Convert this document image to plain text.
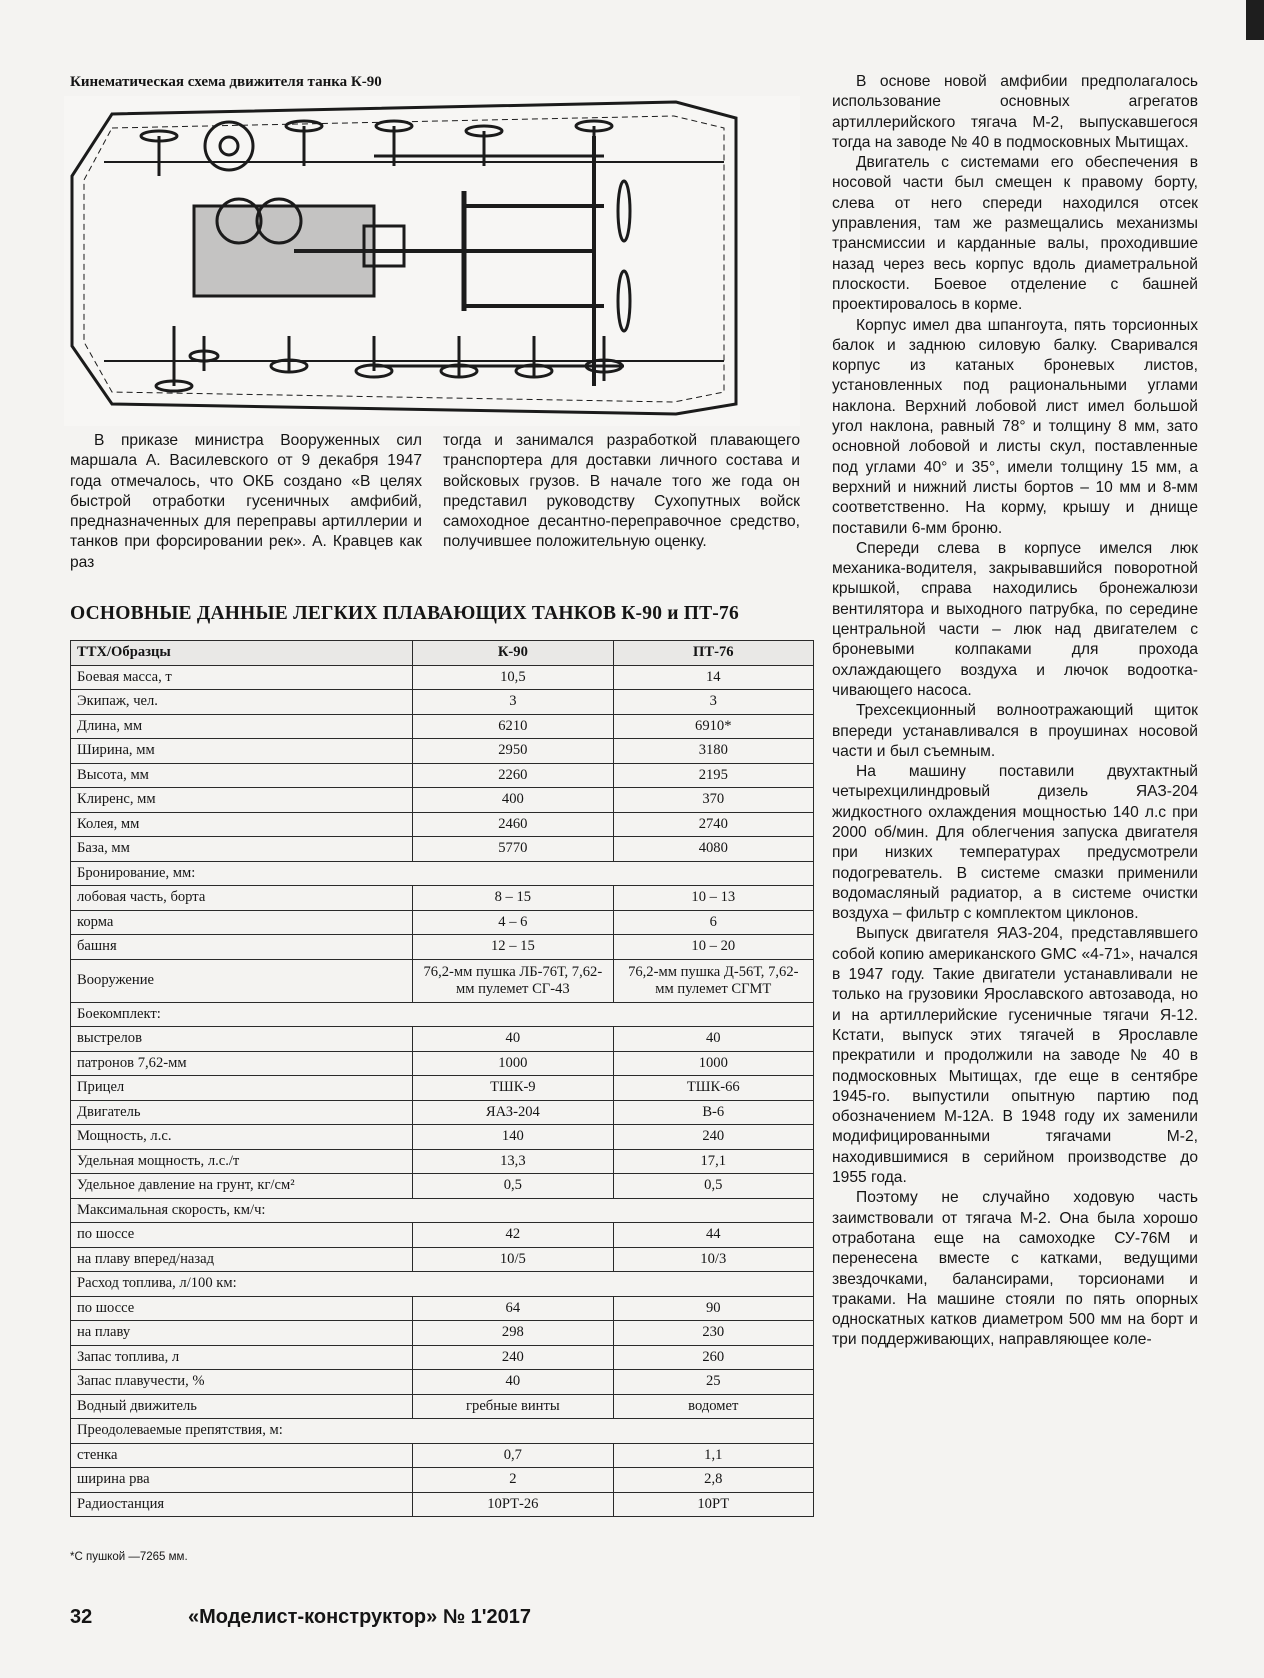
Кинематическая схема движителя танка К-90

В приказе министра Вооруженных сил маршала А. Василевского от 9 декабря 1947 года отмечалось, что ОКБ создано «В целях быстрой отработки гусеничных амфибий, предназначенных для переправы артиллерии и танков при форсировании рек». А. Кравцев как раз

тогда и занимался разработкой плавающего транспортера для доставки личного состава и войсковых грузов. В начале того же года он представил руководству Сухопутных войск самоходное десантно-переправочное средство, получившее положительную оценку.

В основе новой амфибии предполагалось использование основных агрегатов артиллерийского тягача М-2, выпускавшегося тогда на заводе № 40 в подмосковных Мытищах.

Двигатель с системами его обеспечения в носовой части был смещен к правому борту, слева от него спереди находился отсек управления, там же размещались механизмы трансмиссии и карданные валы, проходившие назад через весь корпус вдоль диаметральной плоскости. Боевое отделение с башней проектировалось в корме.

Корпус имел два шпангоута, пять торсионных балок и заднюю силовую балку. Сваривался корпус из катаных броневых листов, установленных под рациональными углами наклона. Верхний лобовой лист имел большой угол наклона, равный 78° и толщину 8 мм, зато основной лобовой и листы скул, поставленные под углами 40° и 35°, имели толщину 15 мм, а верхний и нижний листы бортов – 10 мм и 8-мм соответственно. На корму, крышу и днище поставили 6-мм броню.

Спереди слева в корпусе имелся люк механика-водителя, закрывавшийся поворотной крышкой, справа находились бронежалюзи вентилятора и выходного патрубка, по середине центральной части – люк над двигателем с броневыми колпаками для прохода охлаждающего воздуха и лючок водооткачивающего насоса.

Трехсекционный волноотражающий щиток впереди устанавливался в проушинах носовой части и был съемным.

На машину поставили двухтактный четырехцилиндровый дизель ЯАЗ-204 жидкостного охлаждения мощностью 140 л.с при 2000 об/мин. Для облегчения запуска двигателя при низких температурах предусмотрели подогреватель. В системе смазки применили водомасляный радиатор, а в системе очистки воздуха – фильтр с комплектом циклонов.

Выпуск двигателя ЯАЗ-204, представлявшего собой копию американского GMC «4-71», начался в 1947 году. Такие двигатели устанавливали не только на грузовики Ярославского автозавода, но и на артиллерийские гусеничные тягачи Я-12. Кстати, выпуск этих тягачей в Ярославле прекратили и продолжили на заводе № 40 в подмосковных Мытищах, где еще в сентябре 1945-го. выпустили опытную партию под обозначением М-12А. В 1948 году их заменили модифицированными тягачами М-2, находившимися в серийном производстве до 1955 года.

Поэтому не случайно ходовую часть заимствовали от тягача М-2. Она была хорошо отработана еще на самоходке СУ-76М и перенесена вместе с катками, ведущими звездочками, балансирами, торсионами и траками. На машине стояли по пять опорных односкатных катков диаметром 500 мм на борт и три поддерживающих, направляющее коле-

ОСНОВНЫЕ ДАННЫЕ ЛЕГКИХ ПЛАВАЮЩИХ ТАНКОВ К-90 и ПТ-76
ТТХ/Образцы	К-90	ПТ-76
Боевая масса, т	10,5	14
Экипаж, чел.	3	3
Длина, мм	6210	6910*
Ширина, мм	2950	3180
Высота, мм	2260	2195
Клиренс, мм	400	370
Колея, мм	2460	2740
База, мм	5770	4080
Бронирование, мм:		
лобовая часть, борта	8 – 15	10 – 13
корма	4 – 6	6
башня	12 – 15	10 – 20
Вооружение	76,2-мм пушка ЛБ-76Т, 7,62-мм пулемет СГ-43	76,2-мм пушка Д-56Т, 7,62-мм пулемет СГМТ
Боекомплект:		
выстрелов	40	40
патронов 7,62-мм	1000	1000
Прицел	ТШК-9	ТШК-66
Двигатель	ЯАЗ-204	В-6
Мощность, л.с.	140	240
Удельная мощность, л.с./т	13,3	17,1
Удельное давление на грунт, кг/см²	0,5	0,5
Максимальная скорость, км/ч:		
по шоссе	42	44
на плаву вперед/назад	10/5	10/3
Расход топлива, л/100 км:		
по шоссе	64	90
на плаву	298	230
Запас топлива, л	240	260
Запас плавучести, %	40	25
Водный движитель	гребные винты	водомет
Преодолеваемые препятствия, м:		
стенка	0,7	1,1
ширина рва	2	2,8
Радиостанция	10РТ-26	10РТ
*С пушкой —7265 мм.
32	«Моделист-конструктор» № 1'2017
